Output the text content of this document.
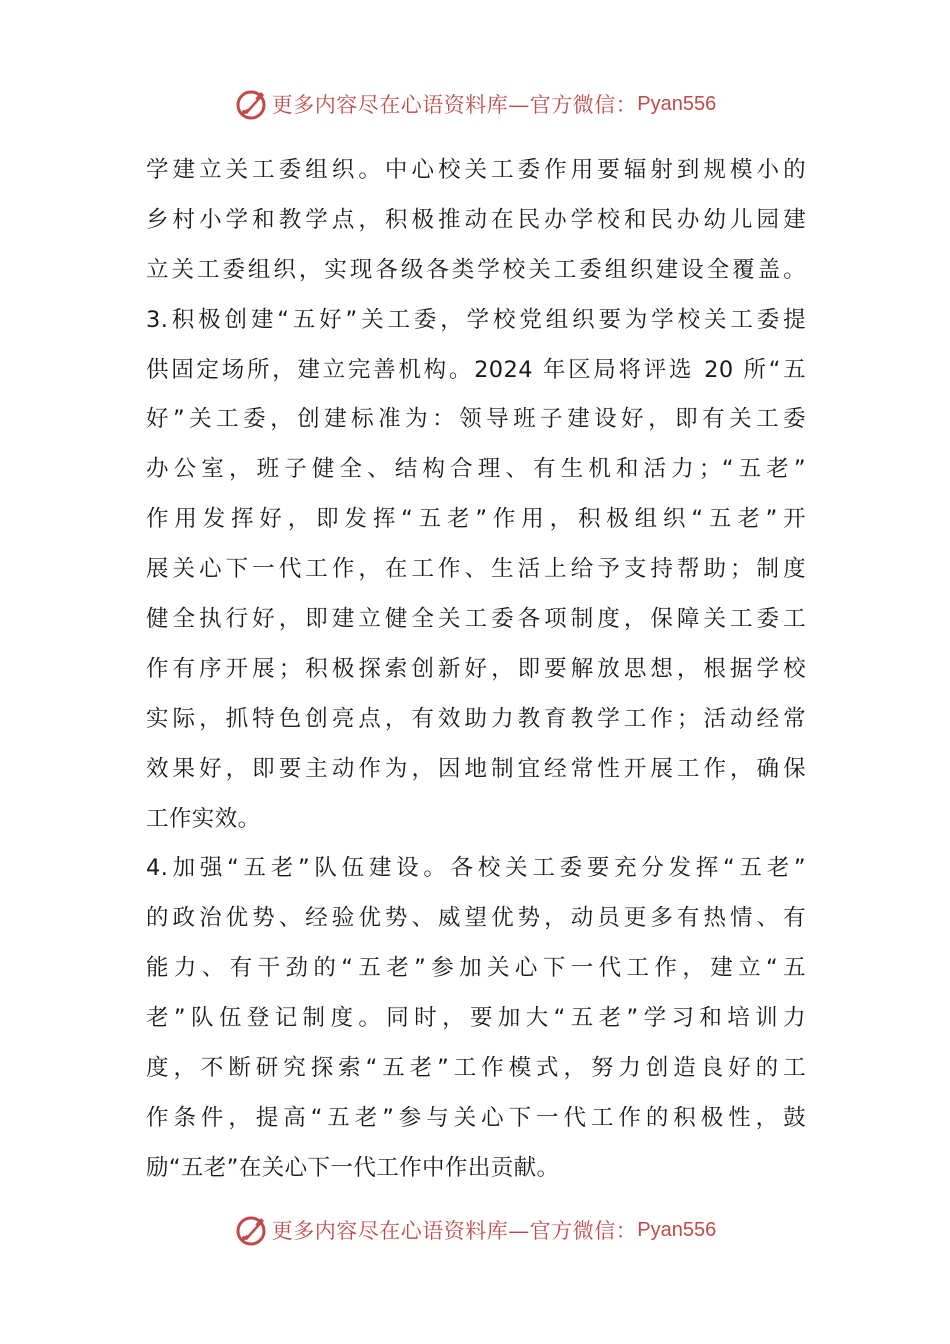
更多内容尽在心语资料库—官方微信： Pyan556
学建立关工委组织。中心校关工委作用要辐射到规模小的
乡村小学和教学点，积极推动在民办学校和民办幼儿园建
立关工委组织，实现各级各类学校关工委组织建设全覆盖。
3.积极创建“五好”关工委，学校党组织要为学校关工委提
供固定场所，建立完善机构。2024 年区局将评选 20 所“五
好”关工委，创建标准为：领导班子建设好，即有关工委
办公室，班子健全、结构合理、有生机和活力；“五老”
作用发挥好，即发挥“五老”作用，积极组织“五老”开
展关心下一代工作，在工作、生活上给予支持帮助；制度
健全执行好，即建立健全关工委各项制度，保障关工委工
作有序开展；积极探索创新好，即要解放思想，根据学校
实际，抓特色创亮点，有效助力教育教学工作；活动经常
效果好，即要主动作为，因地制宜经常性开展工作，确保
工作实效。
4.加强“五老”队伍建设。各校关工委要充分发挥“五老”
的政治优势、经验优势、威望优势，动员更多有热情、有
能力、有干劲的“五老”参加关心下一代工作，建立“五
老”队伍登记制度。同时，要加大“五老”学习和培训力
度，不断研究探索“五老”工作模式，努力创造良好的工
作条件，提高“五老”参与关心下一代工作的积极性，鼓
励“五老”在关心下一代工作中作出贡献。
更多内容尽在心语资料库—官方微信： Pyan556
